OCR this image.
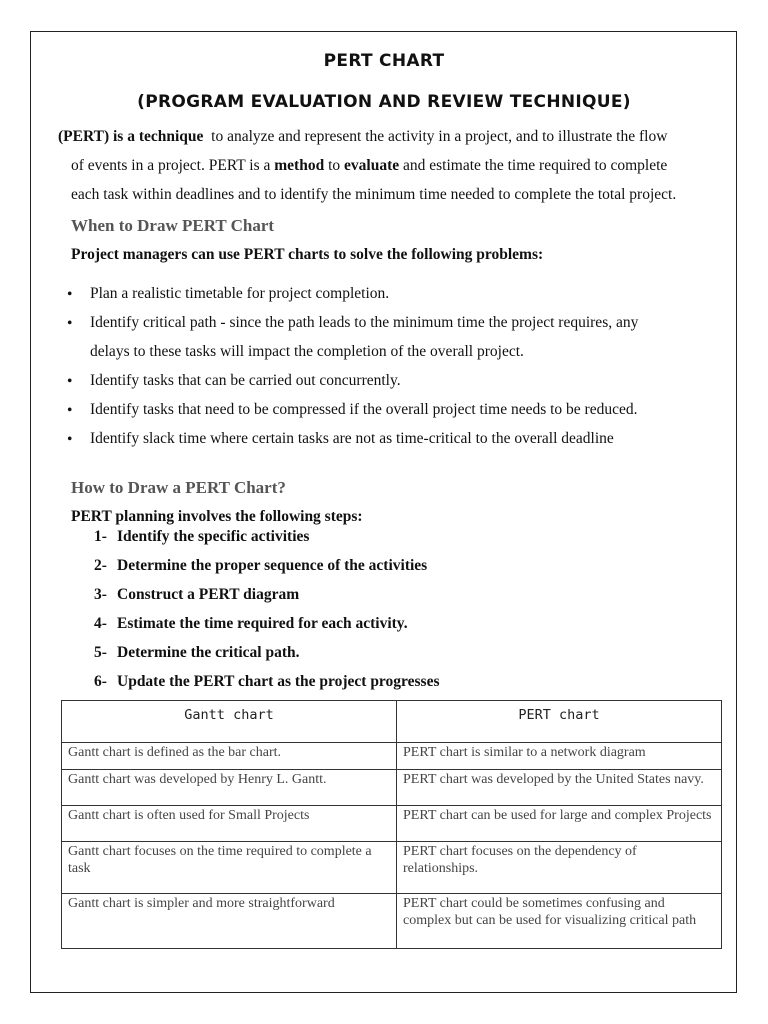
PERT CHART
(PROGRAM EVALUATION AND REVIEW TECHNIQUE)
(PERT) is a technique  to analyze and represent the activity in a project, and to illustrate the flow
of events in a project. PERT is a method to evaluate and estimate the time required to complete
each task within deadlines and to identify the minimum time needed to complete the total project.
When to Draw PERT Chart
Project managers can use PERT charts to solve the following problems:
• Plan a realistic timetable for project completion.
• Identify critical path - since the path leads to the minimum time the project requires, any
delays to these tasks will impact the completion of the overall project.
• Identify tasks that can be carried out concurrently.
• Identify tasks that need to be compressed if the overall project time needs to be reduced.
• Identify slack time where certain tasks are not as time-critical to the overall deadline
How to Draw a PERT Chart?
PERT planning involves the following steps:
1- Identify the specific activities
2- Determine the proper sequence of the activities
3- Construct a PERT diagram
4- Estimate the time required for each activity.
5- Determine the critical path.
6- Update the PERT chart as the project progresses
Gantt chart	PERT chart
Gantt chart is defined as the bar chart.	PERT chart is similar to a network diagram
Gantt chart was developed by Henry L. Gantt.	PERT chart was developed by the United States navy.
Gantt chart is often used for Small Projects	PERT chart can be used for large and complex Projects
Gantt chart focuses on the time required to complete a task	PERT chart focuses on the dependency of relationships.
Gantt chart is simpler and more straightforward	PERT chart could be sometimes confusing and complex but can be used for visualizing critical path
